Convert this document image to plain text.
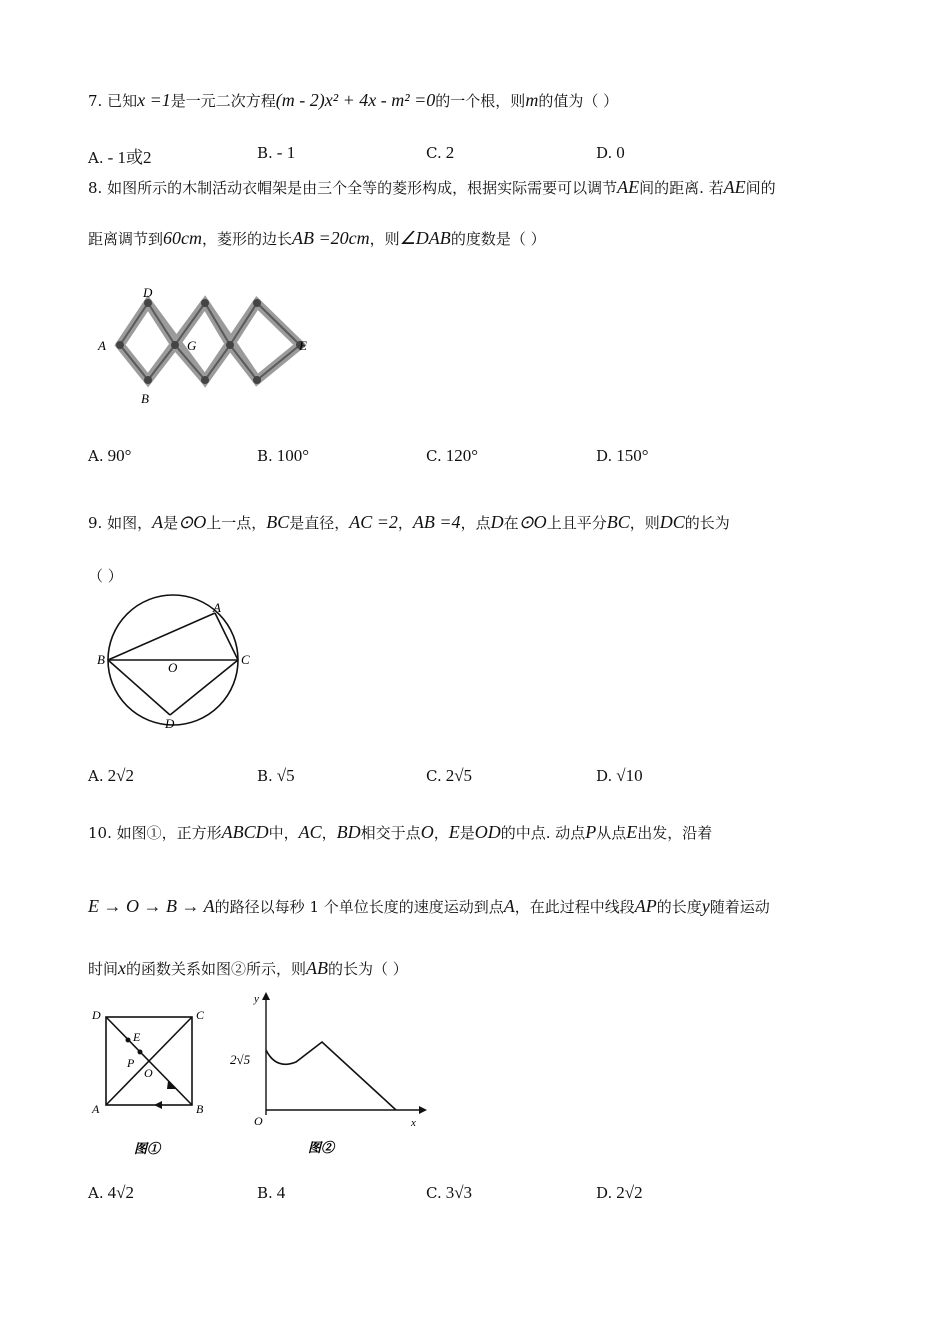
7. 已知x =1是一元二次方程(m - 2)x² + 4x - m² =0的一个根，则m的值为（ ）
A. - 1或2	B. - 1	C. 2	D. 0
8. 如图所示的木制活动衣帽架是由三个全等的菱形构成，根据实际需要可以调节AE间的距离. 若AE间的
距离调节到60cm，菱形的边长AB =20cm，则∠DAB的度数是（ ）
D
A	G	E
B
A. 90°	B. 100°	C. 120°	D. 150°
9. 如图，A是⊙O上一点，BC是直径，AC =2，AB =4，点D在⊙O上且平分BC，则DC的长为
（ ）
A
B
O
C
D
A. 2√2	B. √5	C. 2√5	D. √10
10. 如图①，正方形ABCD中，AC，BD相交于点O，E是OD的中点. 动点P从点E出发，沿着
E → O → B → A的路径以每秒 1 个单位长度的速度运动到点A，在此过程中线段AP的长度y随着运动
时间x的函数关系如图②所示，则AB的长为（ ）
D	C
E
P
O
A	B
图①
y
2√5
O	x
图②
A. 4√2	B. 4	C. 3√3	D. 2√2
